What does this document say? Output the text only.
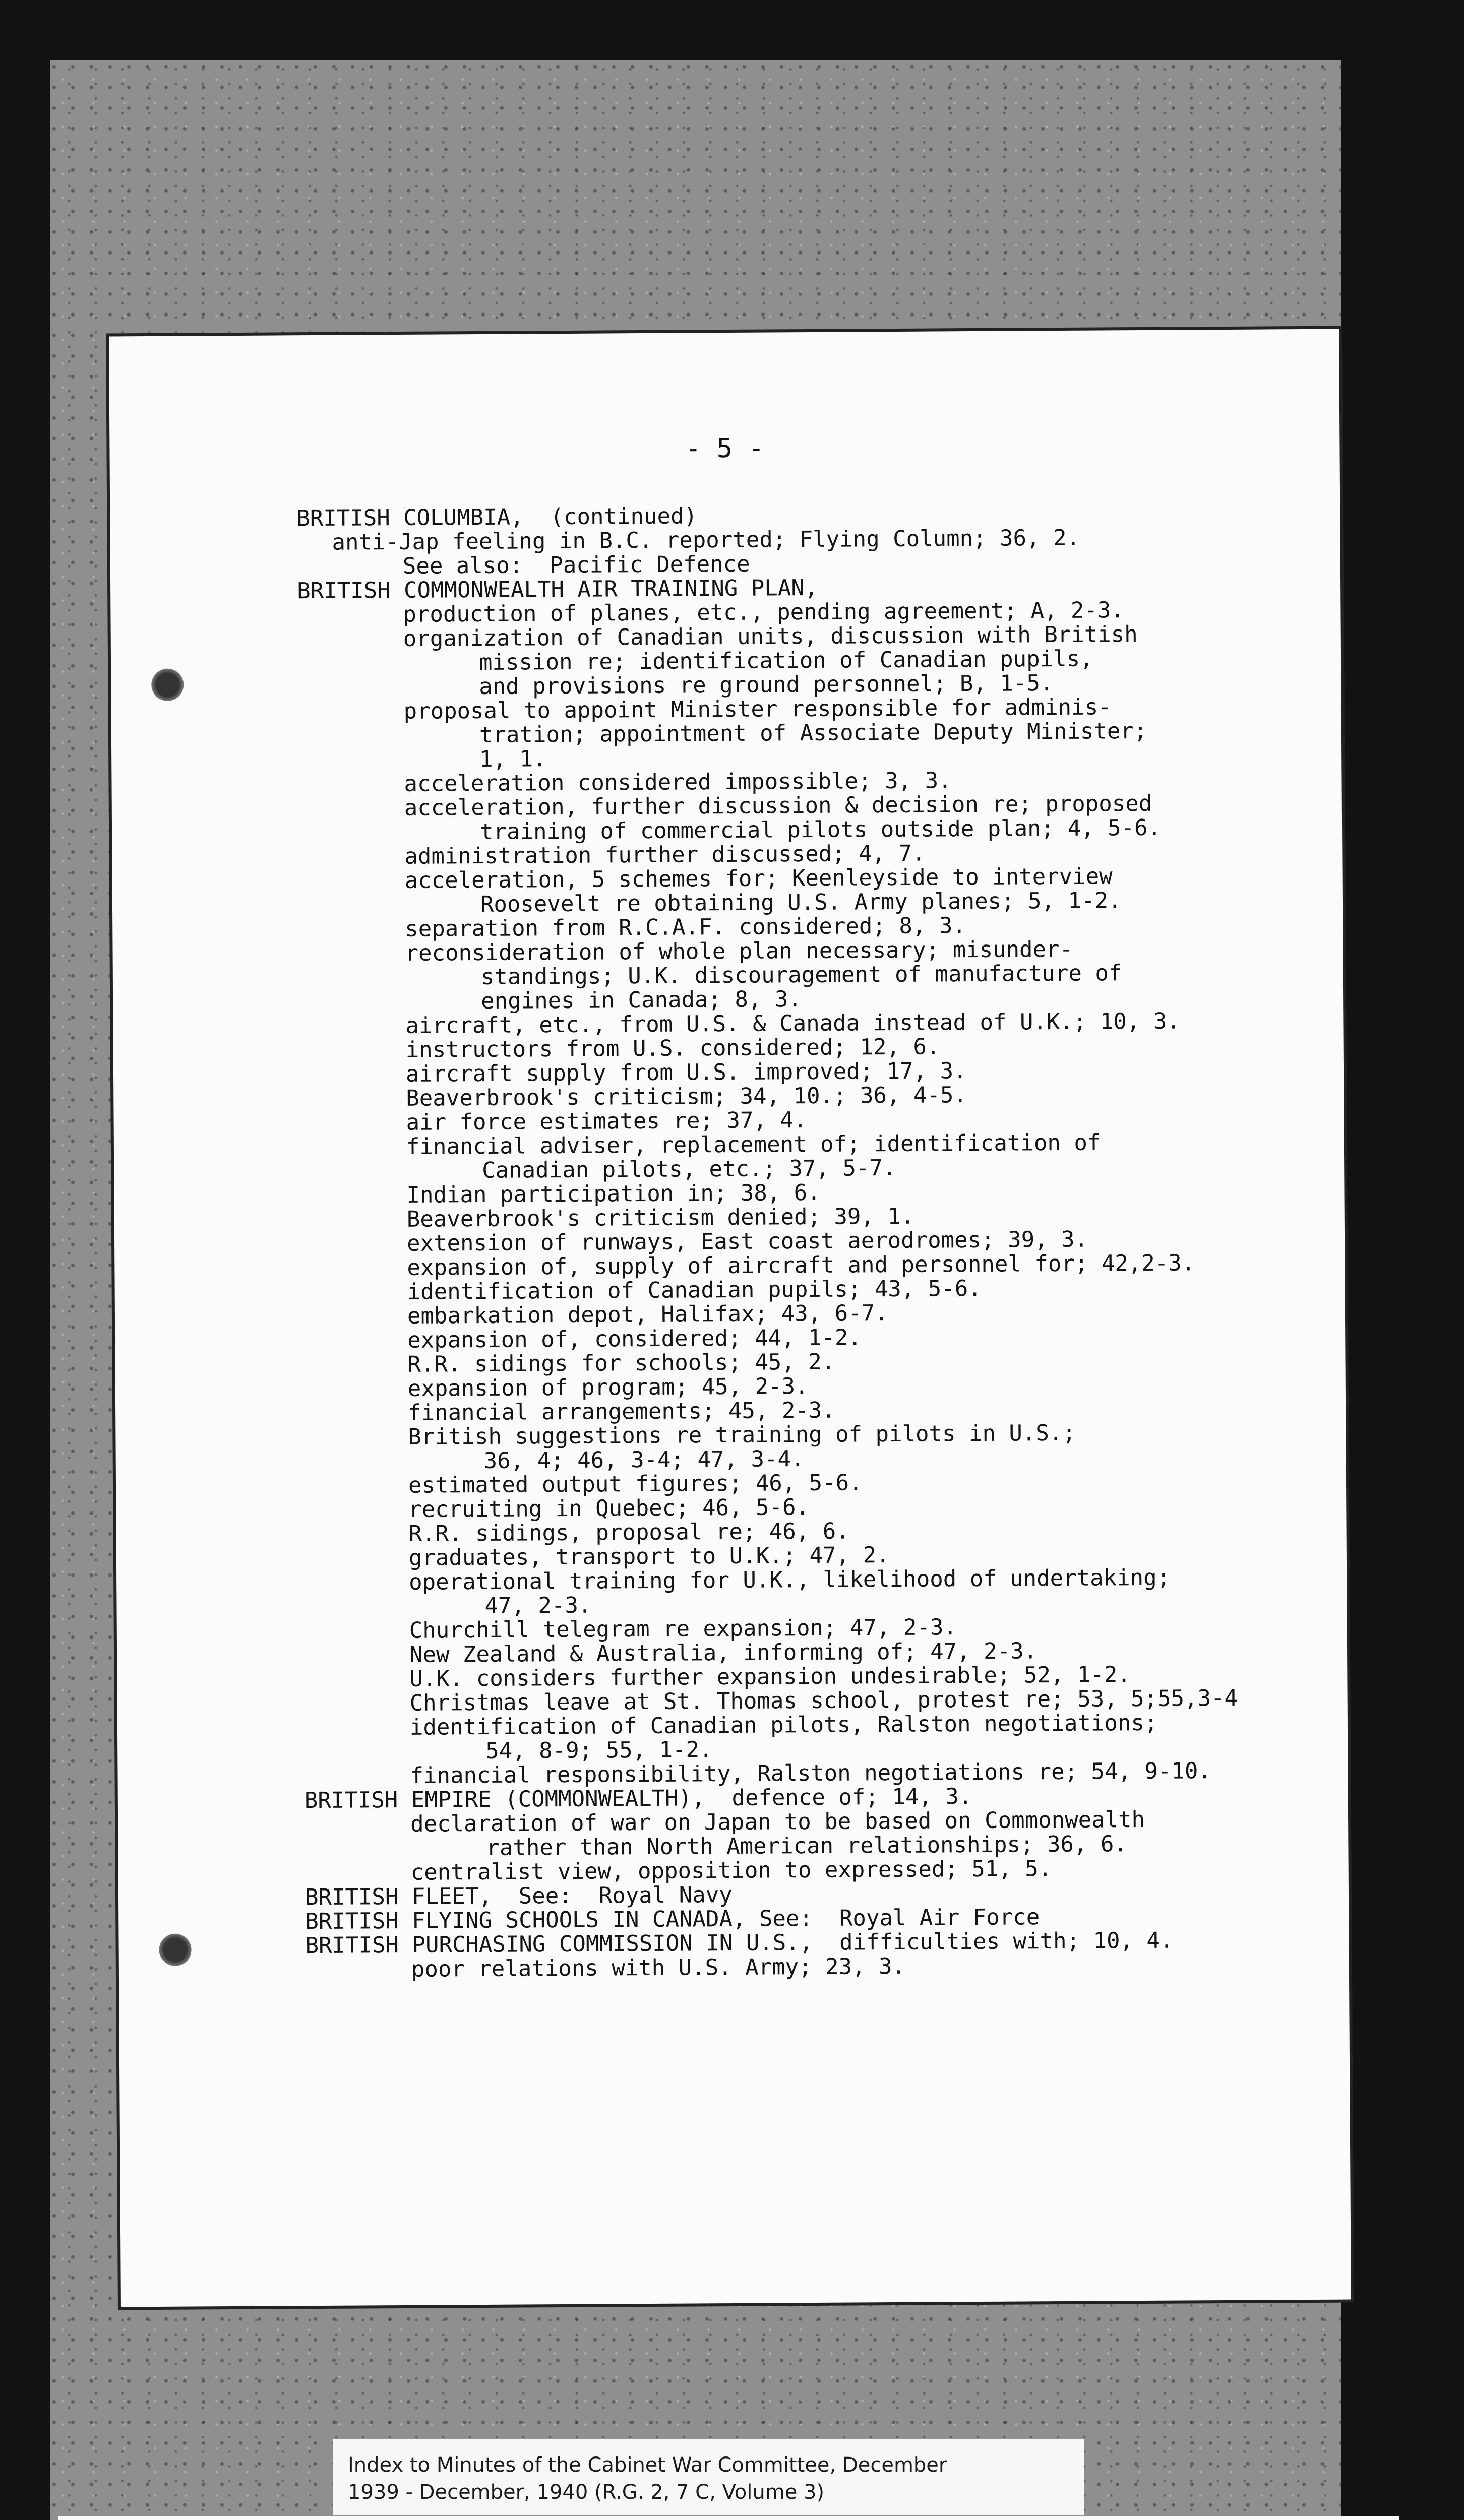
- 5 -
BRITISH COLUMBIA,  (continued)
anti-Jap feeling in B.C. reported; Flying Column; 36, 2.
See also:  Pacific Defence
BRITISH COMMONWEALTH AIR TRAINING PLAN,
production of planes, etc., pending agreement; A, 2-3.
organization of Canadian units, discussion with British
mission re; identification of Canadian pupils,
and provisions re ground personnel; B, 1-5.
proposal to appoint Minister responsible for adminis-
tration; appointment of Associate Deputy Minister;
1, 1.
acceleration considered impossible; 3, 3.
acceleration, further discussion & decision re; proposed
training of commercial pilots outside plan; 4, 5-6.
administration further discussed; 4, 7.
acceleration, 5 schemes for; Keenleyside to interview
Roosevelt re obtaining U.S. Army planes; 5, 1-2.
separation from R.C.A.F. considered; 8, 3.
reconsideration of whole plan necessary; misunder-
standings; U.K. discouragement of manufacture of
engines in Canada; 8, 3.
aircraft, etc., from U.S. & Canada instead of U.K.; 10, 3.
instructors from U.S. considered; 12, 6.
aircraft supply from U.S. improved; 17, 3.
Beaverbrook's criticism; 34, 10.; 36, 4-5.
air force estimates re; 37, 4.
financial adviser, replacement of; identification of
Canadian pilots, etc.; 37, 5-7.
Indian participation in; 38, 6.
Beaverbrook's criticism denied; 39, 1.
extension of runways, East coast aerodromes; 39, 3.
expansion of, supply of aircraft and personnel for; 42,2-3.
identification of Canadian pupils; 43, 5-6.
embarkation depot, Halifax; 43, 6-7.
expansion of, considered; 44, 1-2.
R.R. sidings for schools; 45, 2.
expansion of program; 45, 2-3.
financial arrangements; 45, 2-3.
British suggestions re training of pilots in U.S.;
36, 4; 46, 3-4; 47, 3-4.
estimated output figures; 46, 5-6.
recruiting in Quebec; 46, 5-6.
R.R. sidings, proposal re; 46, 6.
graduates, transport to U.K.; 47, 2.
operational training for U.K., likelihood of undertaking;
47, 2-3.
Churchill telegram re expansion; 47, 2-3.
New Zealand & Australia, informing of; 47, 2-3.
U.K. considers further expansion undesirable; 52, 1-2.
Christmas leave at St. Thomas school, protest re; 53, 5;55,3-4
identification of Canadian pilots, Ralston negotiations;
54, 8-9; 55, 1-2.
financial responsibility, Ralston negotiations re; 54, 9-10.
BRITISH EMPIRE (COMMONWEALTH),  defence of; 14, 3.
declaration of war on Japan to be based on Commonwealth
rather than North American relationships; 36, 6.
centralist view, opposition to expressed; 51, 5.
BRITISH FLEET,  See:  Royal Navy
BRITISH FLYING SCHOOLS IN CANADA, See:  Royal Air Force
BRITISH PURCHASING COMMISSION IN U.S.,  difficulties with; 10, 4.
poor relations with U.S. Army; 23, 3.
Index to Minutes of the Cabinet War Committee, December
1939 - December, 1940 (R.G. 2, 7 C, Volume 3)
